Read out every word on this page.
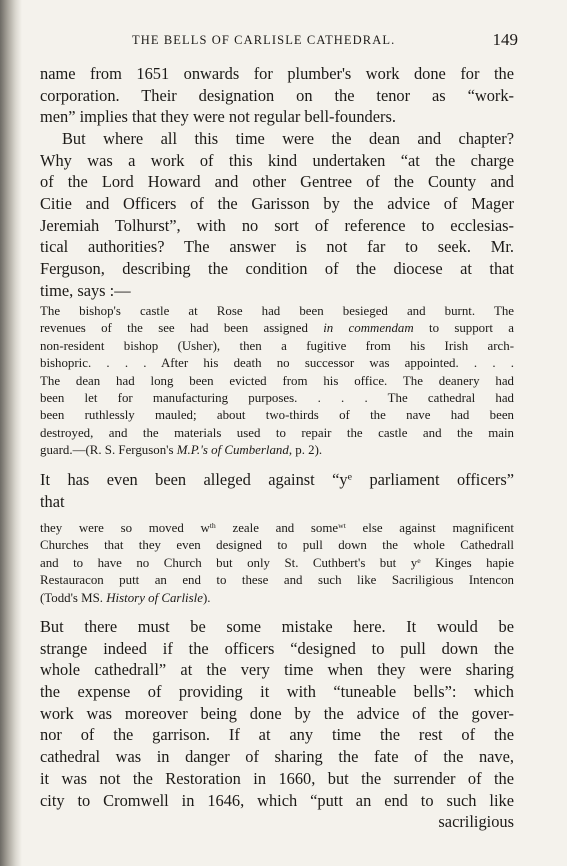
THE BELLS OF CARLISLE CATHEDRAL.	149
name from 1651 onwards for plumber's work done for the
corporation. Their designation on the tenor as “work-
men” implies that they were not regular bell-founders.
But where all this time were the dean and chapter?
Why was a work of this kind undertaken “at the charge
of the Lord Howard and other Gentree of the County and
Citie and Officers of the Garisson by the advice of Mager
Jeremiah Tolhurst”, with no sort of reference to ecclesias-
tical authorities? The answer is not far to seek. Mr.
Ferguson, describing the condition of the diocese at that
time, says :—
The bishop's castle at Rose had been besieged and burnt. The
revenues of the see had been assigned in commendam to support a
non-resident bishop (Usher), then a fugitive from his Irish arch-
bishopric. . . . After his death no successor was appointed. . . .
The dean had long been evicted from his office. The deanery had
been let for manufacturing purposes. . . . The cathedral had
been ruthlessly mauled; about two-thirds of the nave had been
destroyed, and the materials used to repair the castle and the main
guard.—(R. S. Ferguson's M.P.'s of Cumberland, p. 2).
It has even been alleged against “$y^e$ parliament officers”
that
they were so moved $w^{th}$ zeale and some$^{wt}$ else against magnificent
Churches that they even designed to pull down the whole Cathedrall
and to have no Church but only St. Cuthbert's but $y^e$ Kinges hapie
Restauracon putt an end to these and such like Sacriligious Intencon
(Todd's MS. History of Carlisle).
But there must be some mistake here. It would be
strange indeed if the officers “designed to pull down the
whole cathedrall” at the very time when they were sharing
the expense of providing it with “tuneable bells”: which
work was moreover being done by the advice of the gover-
nor of the garrison. If at any time the rest of the
cathedral was in danger of sharing the fate of the nave,
it was not the Restoration in 1660, but the surrender of the
city to Cromwell in 1646, which “putt an end to such like
sacriligious
